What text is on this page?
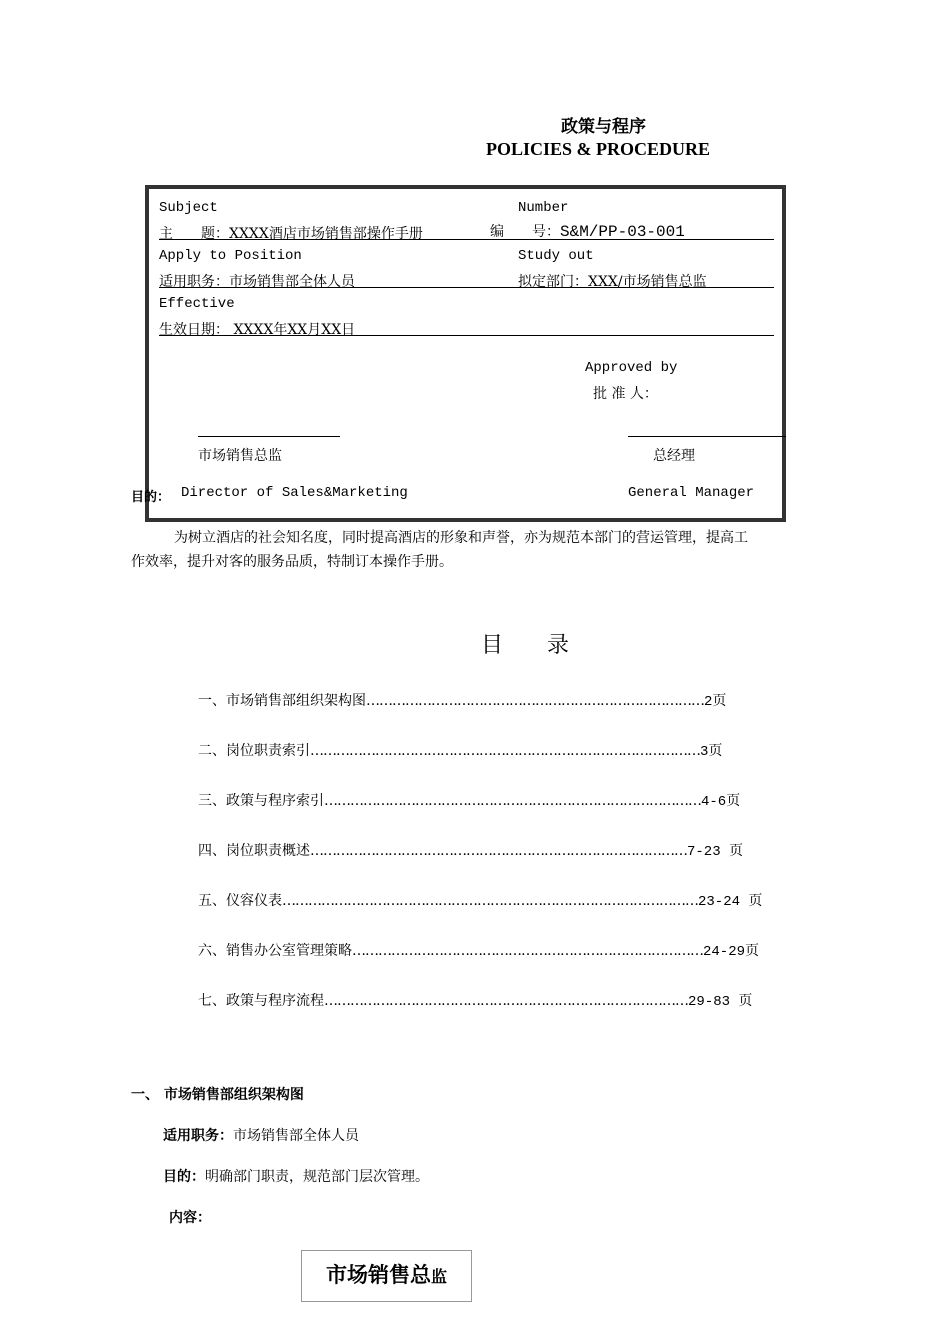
政策与程序
POLICIES & PROCEDURE
Subject
主　　题：XXXX酒店市场销售部操作手册
Number
编　　号：S&M/PP-03-001
Apply to Position
适用职务：市场销售部全体人员
Study out
拟定部门：XXX/市场销售总监
Effective
生效日期： XXXX年XX月XX日
Approved by
批 准 人：
市场销售总监	总经理
目的： Director of Sales&Marketing	General Manager
为树立酒店的社会知名度，同时提高酒店的形象和声誉，亦为规范本部门的营运管理，提高工
作效率，提升对客的服务品质，特制订本操作手册。
目　　录
一、市场销售部组织架构图……………………………………………………………………2页
二、岗位职责索引………………………………………………………………………………3页
三、政策与程序索引……………………………………………………………………………4-6页
四、岗位职责概述……………………………………………………………………………7-23 页
五、仪容仪表……………………………………………………………………………………23-24 页
六、销售办公室管理策略………………………………………………………………………24-29页
七、政策与程序流程…………………………………………………………………………29-83 页
一、 市场销售部组织架构图
适用职务：市场销售部全体人员
目的：明确部门职责，规范部门层次管理。
内容：
市场销售总监
